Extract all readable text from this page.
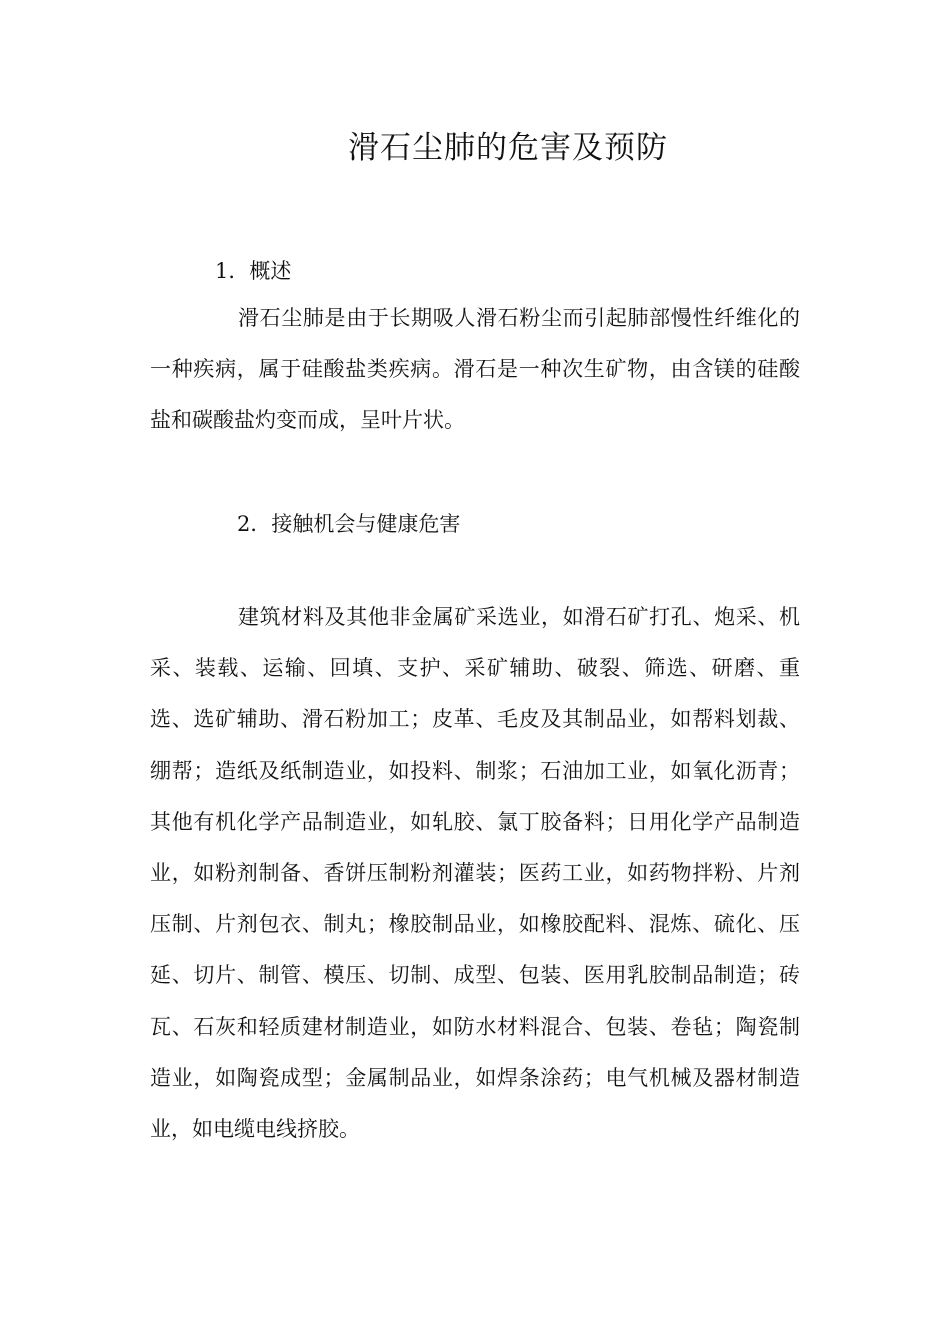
滑石尘肺的危害及预防
1．概述

滑石尘肺是由于长期吸人滑石粉尘而引起肺部慢性纤维化的一种疾病，属于硅酸盐类疾病。滑石是一种次生矿物，由含镁的硅酸盐和碳酸盐灼变而成，呈叶片状。

2．接触机会与健康危害

建筑材料及其他非金属矿采选业，如滑石矿打孔、炮采、机采、装载、运输、回填、支护、采矿辅助、破裂、筛选、研磨、重选、选矿辅助、滑石粉加工；皮革、毛皮及其制品业，如帮料划裁、绷帮；造纸及纸制造业，如投料、制浆；石油加工业，如氧化沥青；其他有机化学产品制造业，如轧胶、氯丁胶备料；日用化学产品制造业，如粉剂制备、香饼压制粉剂灌装；医药工业，如药物拌粉、片剂压制、片剂包衣、制丸；橡胶制品业，如橡胶配料、混炼、硫化、压延、切片、制管、模压、切制、成型、包装、医用乳胶制品制造；砖瓦、石灰和轻质建材制造业，如防水材料混合、包装、卷毡；陶瓷制造业，如陶瓷成型；金属制品业，如焊条涂药；电气机械及器材制造业，如电缆电线挤胶。
